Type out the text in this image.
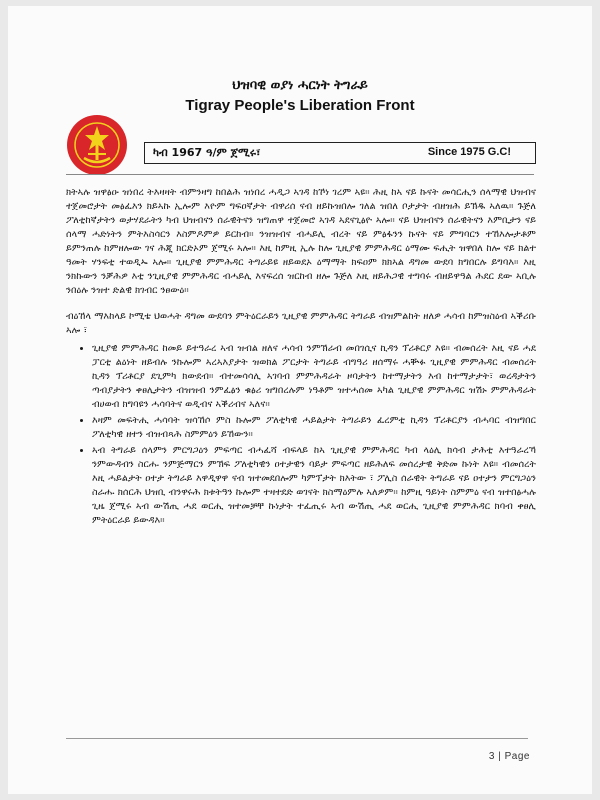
ህዝባዊ ወያነ ሓርነት ትግራይ
Tigray People's Liberation Front
ካብ 1967 ዓ/ም ጀሚሩ፣	Since 1975 G.C!

ክትኣሉ ዝዋፅዑ ዝነበረ ትእዛዛት ብምንዛግ ከበልሕ ዝነበረ ሓዲጋ ኣገዳ ከኾነ ገረም ኣዩ። ሕዚ ከኣ ናይ ኩናት መሳርሒን ሰላማዊ ህዝብና ተጀመሮታት መፅፈእን ክይኣኩ ኢሎም እዮም ግፍዐኛታት ብዋሪሰ ናብ ዘይኩዝበሎ ገለል ዝበለ ቦታታት ብዘዝሕ ይኽዱ ኣለዉ። ጉጅለ ፖለቲከኛታትን ወታሃደራትን ካብ ህዝብናን ሰራዊትናን ዝግጠዋ ተጀመሮ ኣገዳ ኣደናጊፅዮ ኣሎ። ናይ ህዝብናን ሰራዊትናን እምቢታን ናይ ሰላማ ሓድነትን ምትእስሳርን እስምዶምዎ ይርከብ። ንዝዝብና ብሓይሊ ብረት ናይ ምፅፋንን ኩናት ናይ ምግባርን ተኸእሎታቶም ይምንጠሉ ከምዘሎው ገና ሕጂ ክርድኦም ጀሚሩ ኣሎ። እዚ ከምዚ ኢሉ ከሎ ጊዚያዊ ምምሕዳር ዕማሙ ፍሒት ዝዋበለ ከሎ ናይ ክልተ ዓመት ሃንፍቲ ተወዲኡ ኣሎ። ጊዚያዊ ምምሕዳር ትግራይዩ ዘይወደኦ ዕማማት ክፍዐም ክክኣል ዳግመ ውደባ ክግበርሉ ይግባእ። እዚ ንክኩውን ንቓሕዎ እቲ ንጊዚያዊ ምምሕዳር ብሓይሊ እናፍረሰ ዝርከብ ዘሎ ጉጅለ እዚ ዘይሕጋዊ ተግባሩ ብዘይዋዓል ሕደር ደው ኣቢሉ ንበዕሉ ንዝተ ድልዊ ክገብር ንፀውዕ።

ብዕኸላ ማእከላይ ኮሚቴ ህወሓት ዳግመ ውደባን ምትዕርራይን ጊዚያዊ ምምሕዳር ትግራይ ብዝምልከት ዘለዎ ሓሳብ ከምዝስዕብ ኣቕሪቡ ኣሎ ፣

• ጊዚያዊ ምምሕዳር ከመይ ይተዓራረ ኣብ ዝብል ዘለና ሓሳብ ንምኽራብ መበገሲና ኪዳን ፕሪቶርያ እዩ። ብመሰረት እዚ ናይ ሓደ ፓርቲ ልዕነት ዘይብሉ ንኩሎም ኣረኣእያታት ዝወክል ፖርታት ትግራይ ብግዓሪ ዘሰማሩ ሓቝፉ ጊዚያዊ ምምሕዳር ብመሰረት ኪዳን ፕሪቶርያ ደጊምካ ክውደብ። ብተመሳሳሊ ኣገባብ ምምሕዳራት ዞባታትን ከተማታትን እብ ከተማታታት፣ ወረዳታትን ጣብያታትን ቀፀሊታትን ብዝዝብ ንምፈፅን ቁፅሪ ዝግበረሉም ነዓቶም ዝተሓሰመ ኣካል ጊዚያዊ ምምሕዳር ዝሽኑ ምምሕዳራት ብሀወብ ክግባዩን ሓሳባትና ወዲብና ኣቕሪብና ኣለና።
• እዛም መፍትሒ ሓሳባት ዝሳኸሶ ምስ ኩሎም ፖለቲካዊ ሓይልታት ትግራይን ፈረምቲ ኪዳን ፕሪቶርያን ብሓባር ብዝግበር ፖለቲካዊ ዘተን ብዝብጻሕ ስምምዕን ይኸውን።
• ኣብ ትግራይ ሰላምን ምርግጋዕን ምፍጣር ብሓፈሻ ብፍላይ ከኣ ጊዚያዊ ምምሕዳር ካብ ላዕሊ ክሳብ ታሕቲ እተዓራረኻ ንምውዳብን ስርሑ ንምጅማርን ምኽፍ ፖለቲካዊን ዐተታዊን ባይታ ምፍጣር ዘይሕለፍ መሰረታዊ ቅድመ ኩነት እዩ። ብመሰረት እዚ ሓይልታት ዐተታ ትግራይ እዋዲዋዋ ናብ ዝተመደበሎም ካምፕታት ክእትው ፣ ፖሊስ ሰራዊት ትግራይ ናይ ዐተታን ምርግጋዕን ስራሑ ክሰርሕ ህዝቢ ብንዋሩሕ ክቱትዓን ኩሎም ተዛተደድ ወገናት ክስማዕምሉ ኣለዎም። ከምዚ ዓይነት ስምምዕ ናብ ዝተበፅሓሉ ጊዜ ጀሚሩ ኣብ ውሽጢ ሓደ ወርሒ ዝተመቻቸ ኩነታት ተፈጢሩ ኣብ ውሽጢ ሓደ ወርሒ ጊዚያዊ ምምሕዳር ክባብ ቀፀሊ ምትዕርራይ ይውዳእ።
3 | Page
